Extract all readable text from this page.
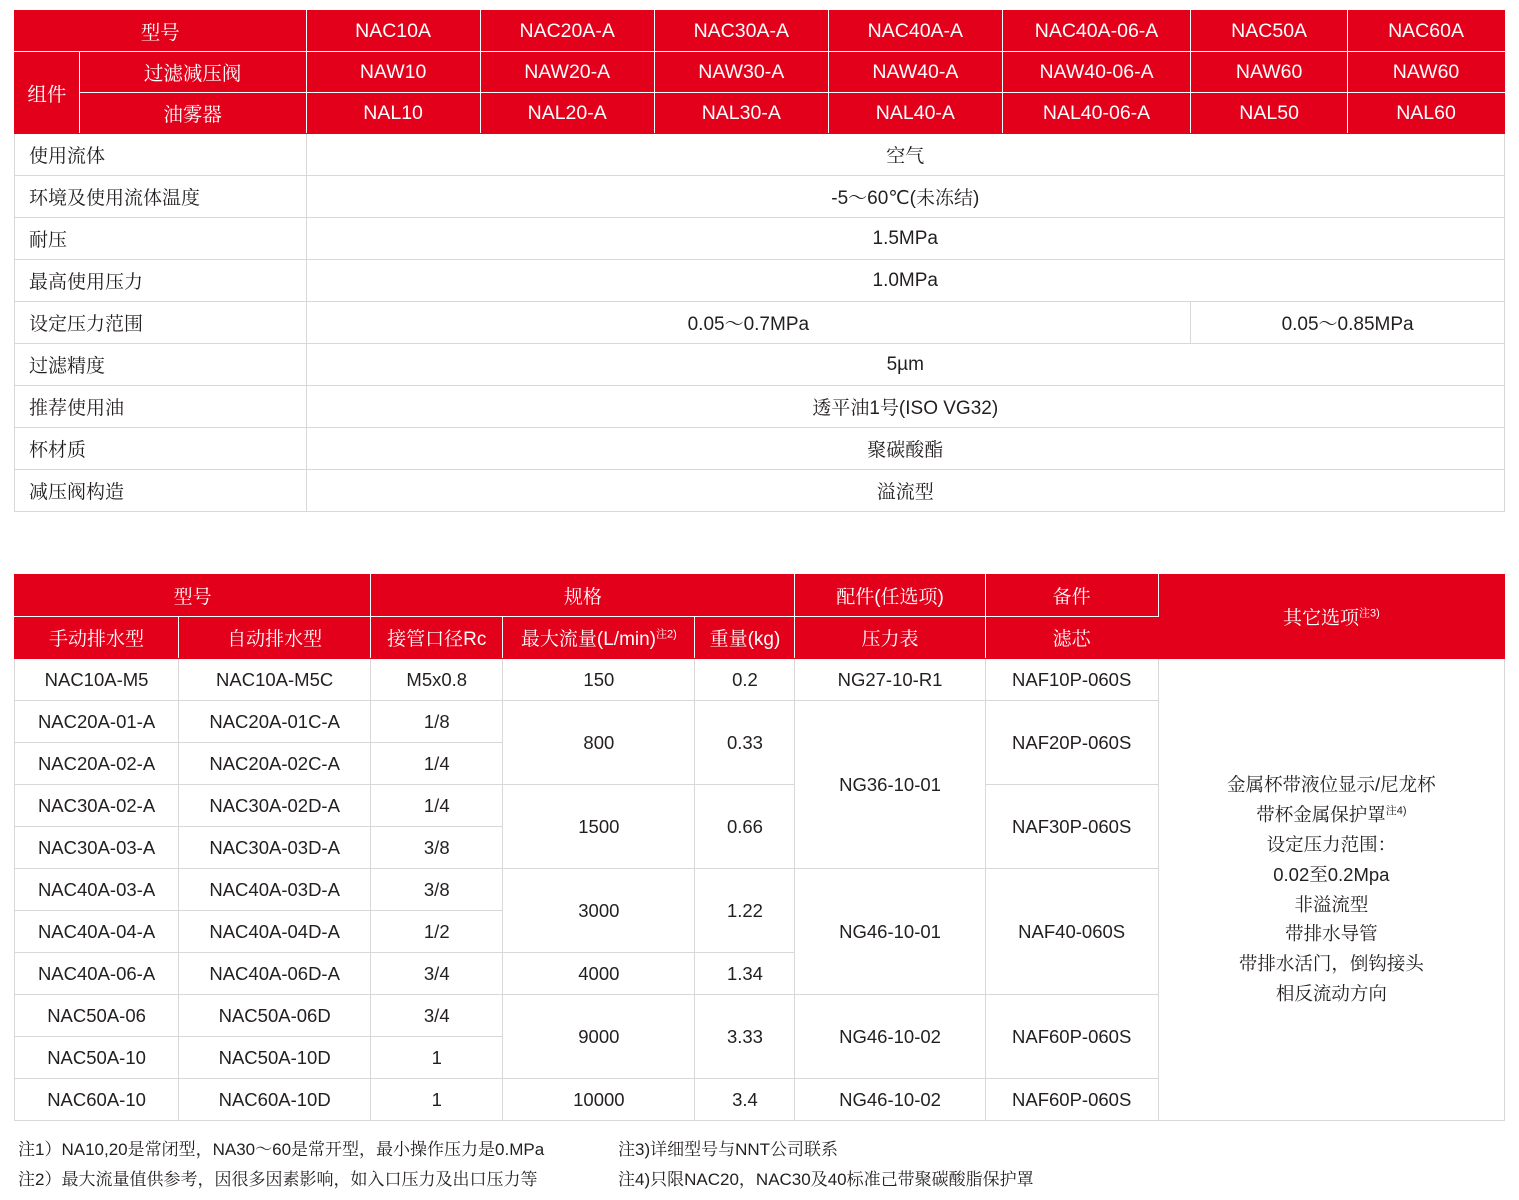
型号		NAC10A	NAC20A-A	NAC30A-A	NAC40A-A	NAC40A-06-A	NAC50A	NAC60A
组件	过滤减压阀	NAW10	NAW20-A	NAW30-A	NAW40-A	NAW40-06-A	NAW60	NAW60
	油雾器	NAL10	NAL20-A	NAL30-A	NAL40-A	NAL40-06-A	NAL50	NAL60
使用流体		空气						
环境及使用流体温度		-5～60℃(未冻结)						
耐压		1.5MPa						
最高使用压力		1.0MPa						
设定压力范围		0.05～0.7MPa					0.05～0.85MPa	
过滤精度		5µm						
推荐使用油		透平油1号(ISO VG32)						
杯材质		聚碳酸酯						
减压阀构造		溢流型						
型号		规格			配件(任选项)	备件	其它选项$^{注3)}$
手动排水型	自动排水型	接管口径Rc	最大流量$(L/\min)^{注2)}$	重量(kg)	压力表	滤芯	
NAC10A-M5	NAC10A-M5C	M5x0.8	150	0.2	NG27-10-R1	NAF10P-060S	金属杯带液位显示/尼龙杯
带杯金属保护罩$^{注4)}$
设定压力范围：
0.02至0.2Mpa
非溢流型
带排水导管
带排水活门，倒钩接头
相反流动方向
NAC20A-01-A	NAC20A-01C-A	1/8	800	0.33	NG36-10-01	NAF20P-060S	
NAC20A-02-A	NAC20A-02C-A	1/4					
NAC30A-02-A	NAC30A-02D-A	1/4	1500	0.66		NAF30P-060S	
NAC30A-03-A	NAC30A-03D-A	3/8					
NAC40A-03-A	NAC40A-03D-A	3/8	3000	1.22	NG46-10-01	NAF40-060S	
NAC40A-04-A	NAC40A-04D-A	1/2					
NAC40A-06-A	NAC40A-06D-A	3/4	4000	1.34			
NAC50A-06	NAC50A-06D	3/4	9000	3.33	NG46-10-02	NAF60P-060S	
NAC50A-10	NAC50A-10D	1					
NAC60A-10	NAC60A-10D	1	10000	3.4	NG46-10-02	NAF60P-060S	
注1）NA10,20是常闭型，NA30～60是常开型，最小操作压力是0.MPa	注3)详细型号与NNT公司联系
注2）最大流量值供参考，因很多因素影响，如入口压力及出口压力等	注4)只限NAC20，NAC30及40标准己带聚碳酸脂保护罩
